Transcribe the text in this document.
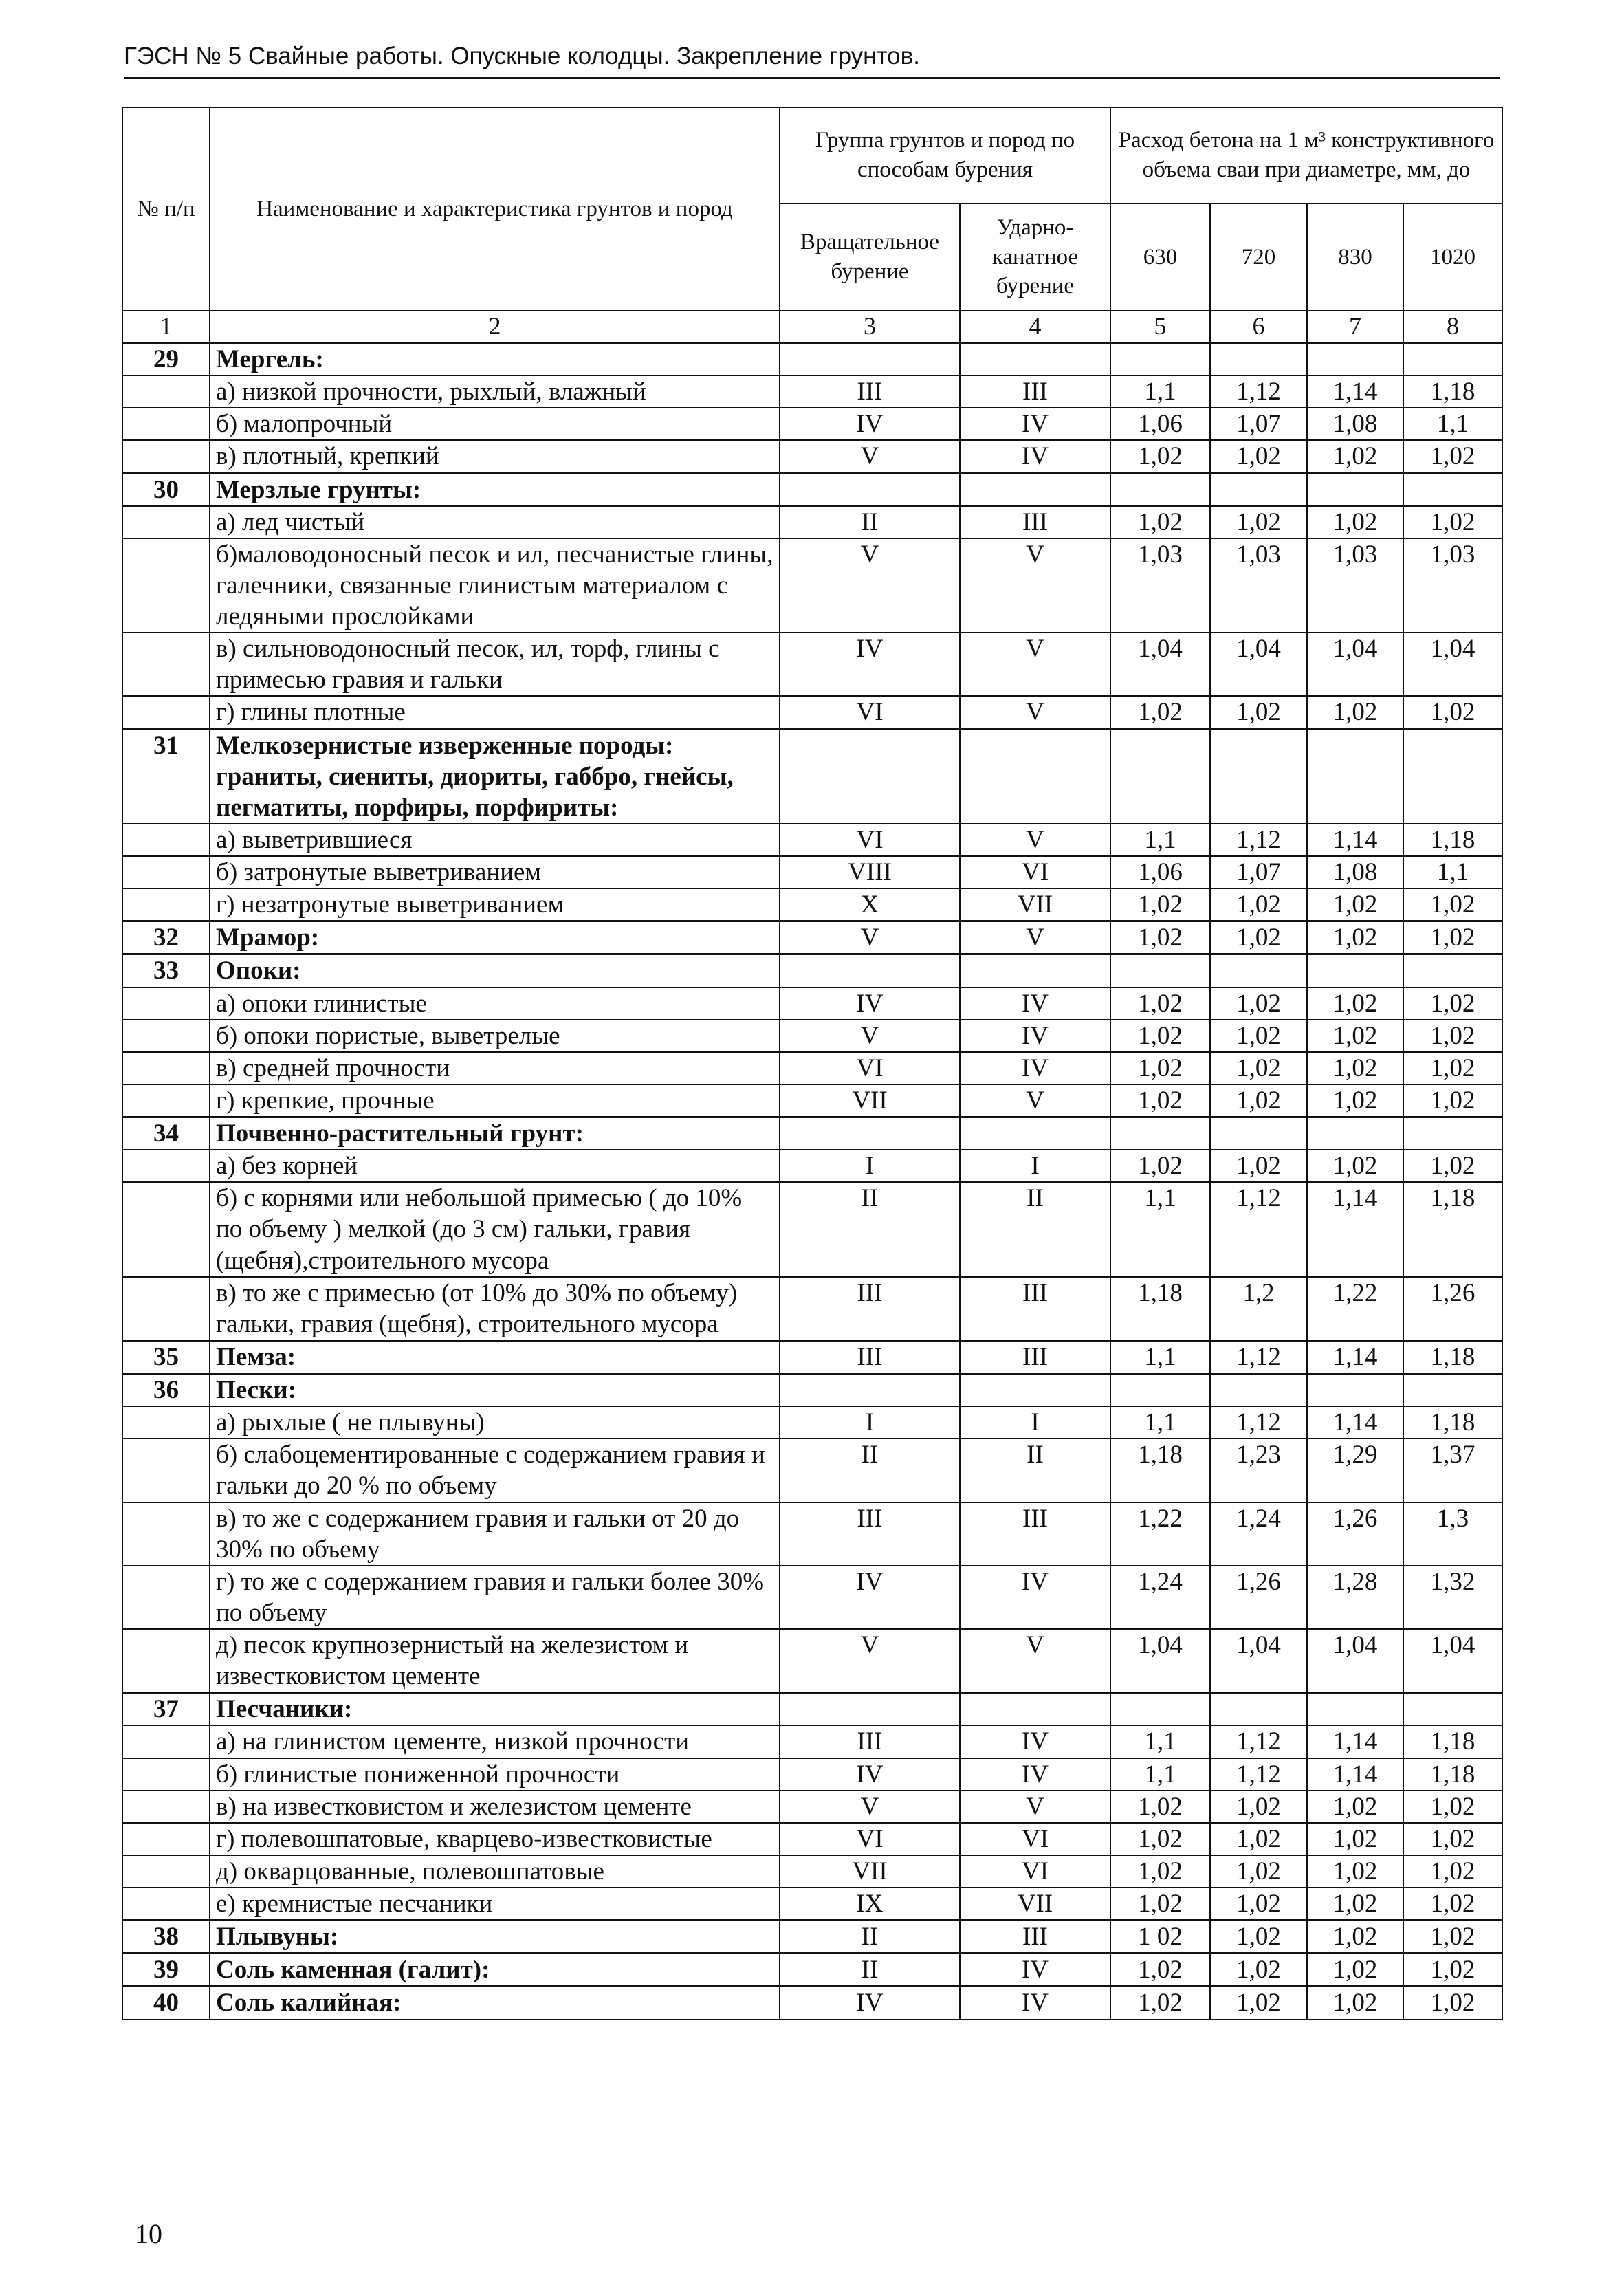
ГЭСН № 5 Свайные работы. Опускные колодцы. Закрепление грунтов.
№ п/п	Наименование и характеристика грунтов и пород	Группа грунтов и пород по способам бурения		Расход бетона на 1 м³ конструктивного объема сваи при диаметре, мм, до			
		Вращательное бурение	Ударно-канатное бурение	630	720	830	1020
1	2	3	4	5	6	7	8
29	Мергель:						
	а) низкой прочности, рыхлый, влажный	III	III	1,1	1,12	1,14	1,18
	б) малопрочный	IV	IV	1,06	1,07	1,08	1,1
	в) плотный, крепкий	V	IV	1,02	1,02	1,02	1,02
30	Мерзлые грунты:						
	а) лед чистый	II	III	1,02	1,02	1,02	1,02
	б)маловодоносный песок и ил, песчанистые глины, галечники, связанные глинистым материалом с ледяными прослойками	V	V	1,03	1,03	1,03	1,03
	в) сильноводоносный песок, ил, торф, глины с примесью гравия и гальки	IV	V	1,04	1,04	1,04	1,04
	г) глины плотные	VI	V	1,02	1,02	1,02	1,02
31	Мелкозернистые изверженные породы: граниты, сиениты, диориты, габбро, гнейсы, пегматиты, порфиры, порфириты:						
	а) выветрившиеся	VI	V	1,1	1,12	1,14	1,18
	б) затронутые выветриванием	VIII	VI	1,06	1,07	1,08	1,1
	г) незатронутые выветриванием	X	VII	1,02	1,02	1,02	1,02
32	Мрамор:	V	V	1,02	1,02	1,02	1,02
33	Опоки:						
	а) опоки глинистые	IV	IV	1,02	1,02	1,02	1,02
	б) опоки пористые, выветрелые	V	IV	1,02	1,02	1,02	1,02
	в) средней прочности	VI	IV	1,02	1,02	1,02	1,02
	г) крепкие, прочные	VII	V	1,02	1,02	1,02	1,02
34	Почвенно-растительный грунт:						
	а) без корней	I	I	1,02	1,02	1,02	1,02
	б) с корнями или небольшой примесью ( до 10% по объему ) мелкой (до 3 см) гальки, гравия (щебня),строительного мусора	II	II	1,1	1,12	1,14	1,18
	в) то же с примесью (от 10% до 30% по объему) гальки, гравия (щебня), строительного мусора	III	III	1,18	1,2	1,22	1,26
35	Пемза:	III	III	1,1	1,12	1,14	1,18
36	Пески:						
	а) рыхлые ( не плывуны)	I	I	1,1	1,12	1,14	1,18
	б) слабоцементированные с содержанием гравия и гальки до 20 % по объему	II	II	1,18	1,23	1,29	1,37
	в) то же с содержанием гравия и гальки от 20 до 30% по объему	III	III	1,22	1,24	1,26	1,3
	г) то же с содержанием гравия и гальки более 30% по объему	IV	IV	1,24	1,26	1,28	1,32
	д) песок крупнозернистый на железистом и известковистом цементе	V	V	1,04	1,04	1,04	1,04
37	Песчаники:						
	а) на глинистом цементе, низкой прочности	III	IV	1,1	1,12	1,14	1,18
	б) глинистые пониженной прочности	IV	IV	1,1	1,12	1,14	1,18
	в) на известковистом и железистом цементе	V	V	1,02	1,02	1,02	1,02
	г) полевошпатовые, кварцево-известковистые	VI	VI	1,02	1,02	1,02	1,02
	д) окварцованные, полевошпатовые	VII	VI	1,02	1,02	1,02	1,02
	е) кремнистые песчаники	IX	VII	1,02	1,02	1,02	1,02
38	Плывуны:	II	III	1 02	1,02	1,02	1,02
39	Соль каменная (галит):	II	IV	1,02	1,02	1,02	1,02
40	Соль калийная:	IV	IV	1,02	1,02	1,02	1,02
10
